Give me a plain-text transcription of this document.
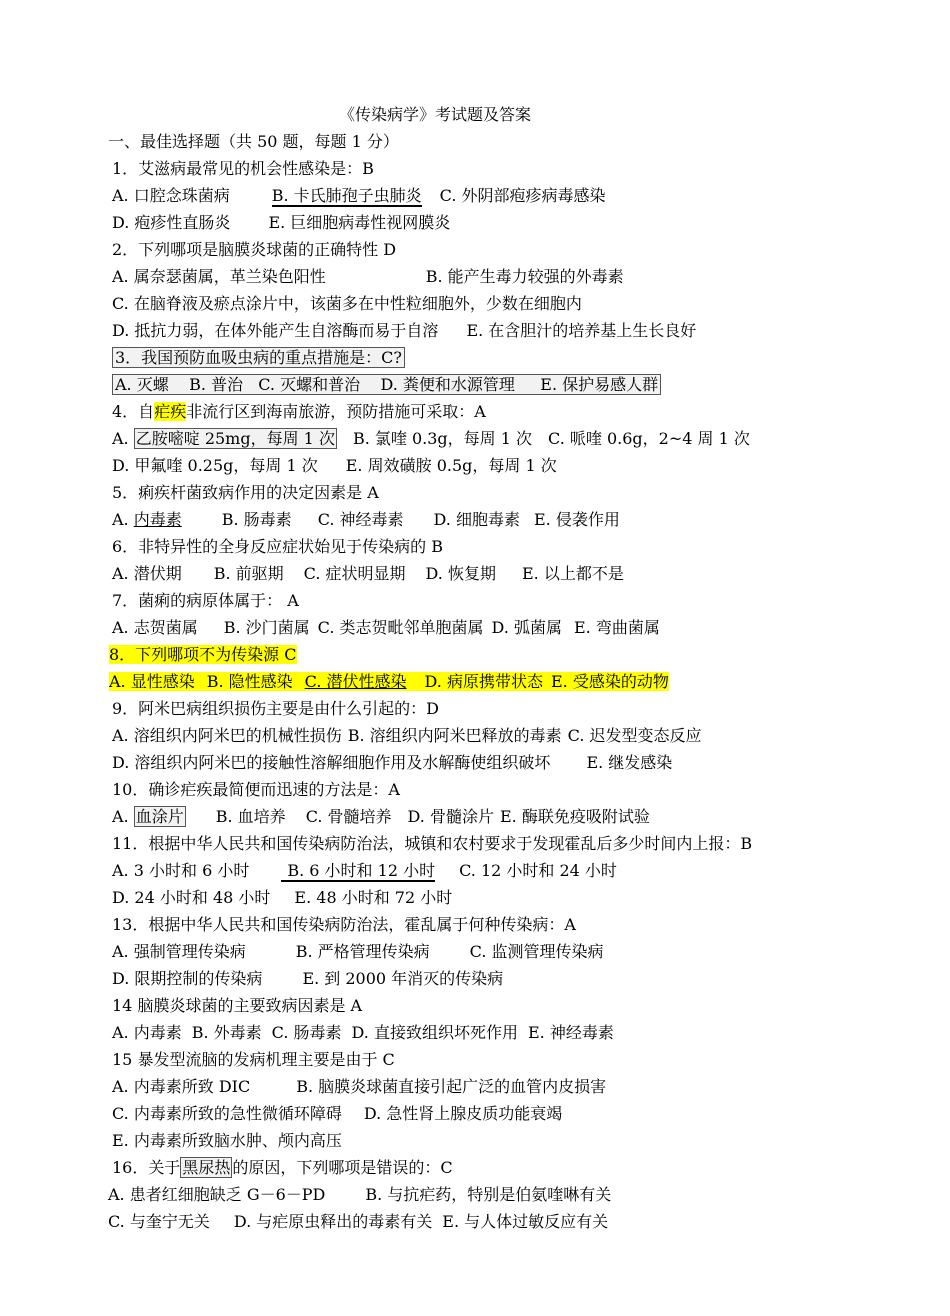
《传染病学》考试题及答案
一、最佳选择题（共 50 题，每题 1 分）
1．艾滋病最常见的机会性感染是：B
A. 口腔念珠菌病	B. 卡氏肺孢子虫肺炎 C. 外阴部疱疹病毒感染
D. 疱疹性直肠炎 E. 巨细胞病毒性视网膜炎
2．下列哪项是脑膜炎球菌的正确特性 D
A. 属奈瑟菌属，革兰染色阳性	B. 能产生毒力较强的外毒素
C. 在脑脊液及瘀点涂片中，该菌多在中性粒细胞外，少数在细胞内
D. 抵抗力弱，在体外能产生自溶酶而易于自溶 E. 在含胆汁的培养基上生长良好
3．我国预防血吸虫病的重点措施是：C?
A. 灭螺    B. 普治   C. 灭螺和普治    D. 粪便和水源管理     E. 保护易感人群
4．自疟疾非流行区到海南旅游，预防措施可采取：A
A. 乙胺嘧啶 25mg，每周 1 次 B. 氯喹 0.3g，每周 1 次 C. 哌喹 0.6g，2~4 周 1 次
D. 甲氟喹 0.25g，每周 1 次 E. 周效磺胺 0.5g，每周 1 次
5．痢疾杆菌致病作用的决定因素是 A
A. 内毒素	B. 肠毒素 C. 神经毒素 D. 细胞毒素 E. 侵袭作用
6．非特异性的全身反应症状始见于传染病的 B
A. 潜伏期 B. 前驱期 C. 症状明显期 D. 恢复期 E. 以上都不是
7．菌痢的病原体属于： A
A. 志贺菌属 B. 沙门菌属 C. 类志贺毗邻单胞菌属 D. 弧菌属 E. 弯曲菌属
8．下列哪项不为传染源 C
A. 显性感染 B. 隐性感染 C. 潜伏性感染 D. 病原携带状态 E. 受感染的动物
9．阿米巴病组织损伤主要是由什么引起的：D
A. 溶组织内阿米巴的机械性损伤 B. 溶组织内阿米巴释放的毒素 C. 迟发型变态反应
D. 溶组织内阿米巴的接触性溶解细胞作用及水解酶使组织破坏 E. 继发感染
10．确诊疟疾最简便而迅速的方法是：A
A. 血涂片 B. 血培养 C. 骨髓培养 D. 骨髓涂片 E. 酶联免疫吸附试验
11．根据中华人民共和国传染病防治法，城镇和农村要求于发现霍乱后多少时间内上报：B
A. 3 小时和 6 小时 B. 6 小时和 12 小时 C. 12 小时和 24 小时
D. 24 小时和 48 小时 E. 48 小时和 72 小时
13．根据中华人民共和国传染病防治法，霍乱属于何种传染病：A
A. 强制管理传染病	B. 严格管理传染病	C. 监测管理传染病
D. 限期控制的传染病	E. 到 2000 年消灭的传染病
14 脑膜炎球菌的主要致病因素是 A
A. 内毒素 B. 外毒素 C. 肠毒素 D. 直接致组织坏死作用 E. 神经毒素
15 暴发型流脑的发病机理主要是由于 C
A. 内毒素所致 DIC	B. 脑膜炎球菌直接引起广泛的血管内皮损害
C. 内毒素所致的急性微循环障碍 D. 急性肾上腺皮质功能衰竭
E. 内毒素所致脑水肿、颅内高压
16．关于 黑尿热 的原因，下列哪项是错误的：C
A. 患者红细胞缺乏 G－6－PD	B. 与抗疟药，特别是伯氨喹啉有关
C. 与奎宁无关 D. 与疟原虫释出的毒素有关 E. 与人体过敏反应有关
